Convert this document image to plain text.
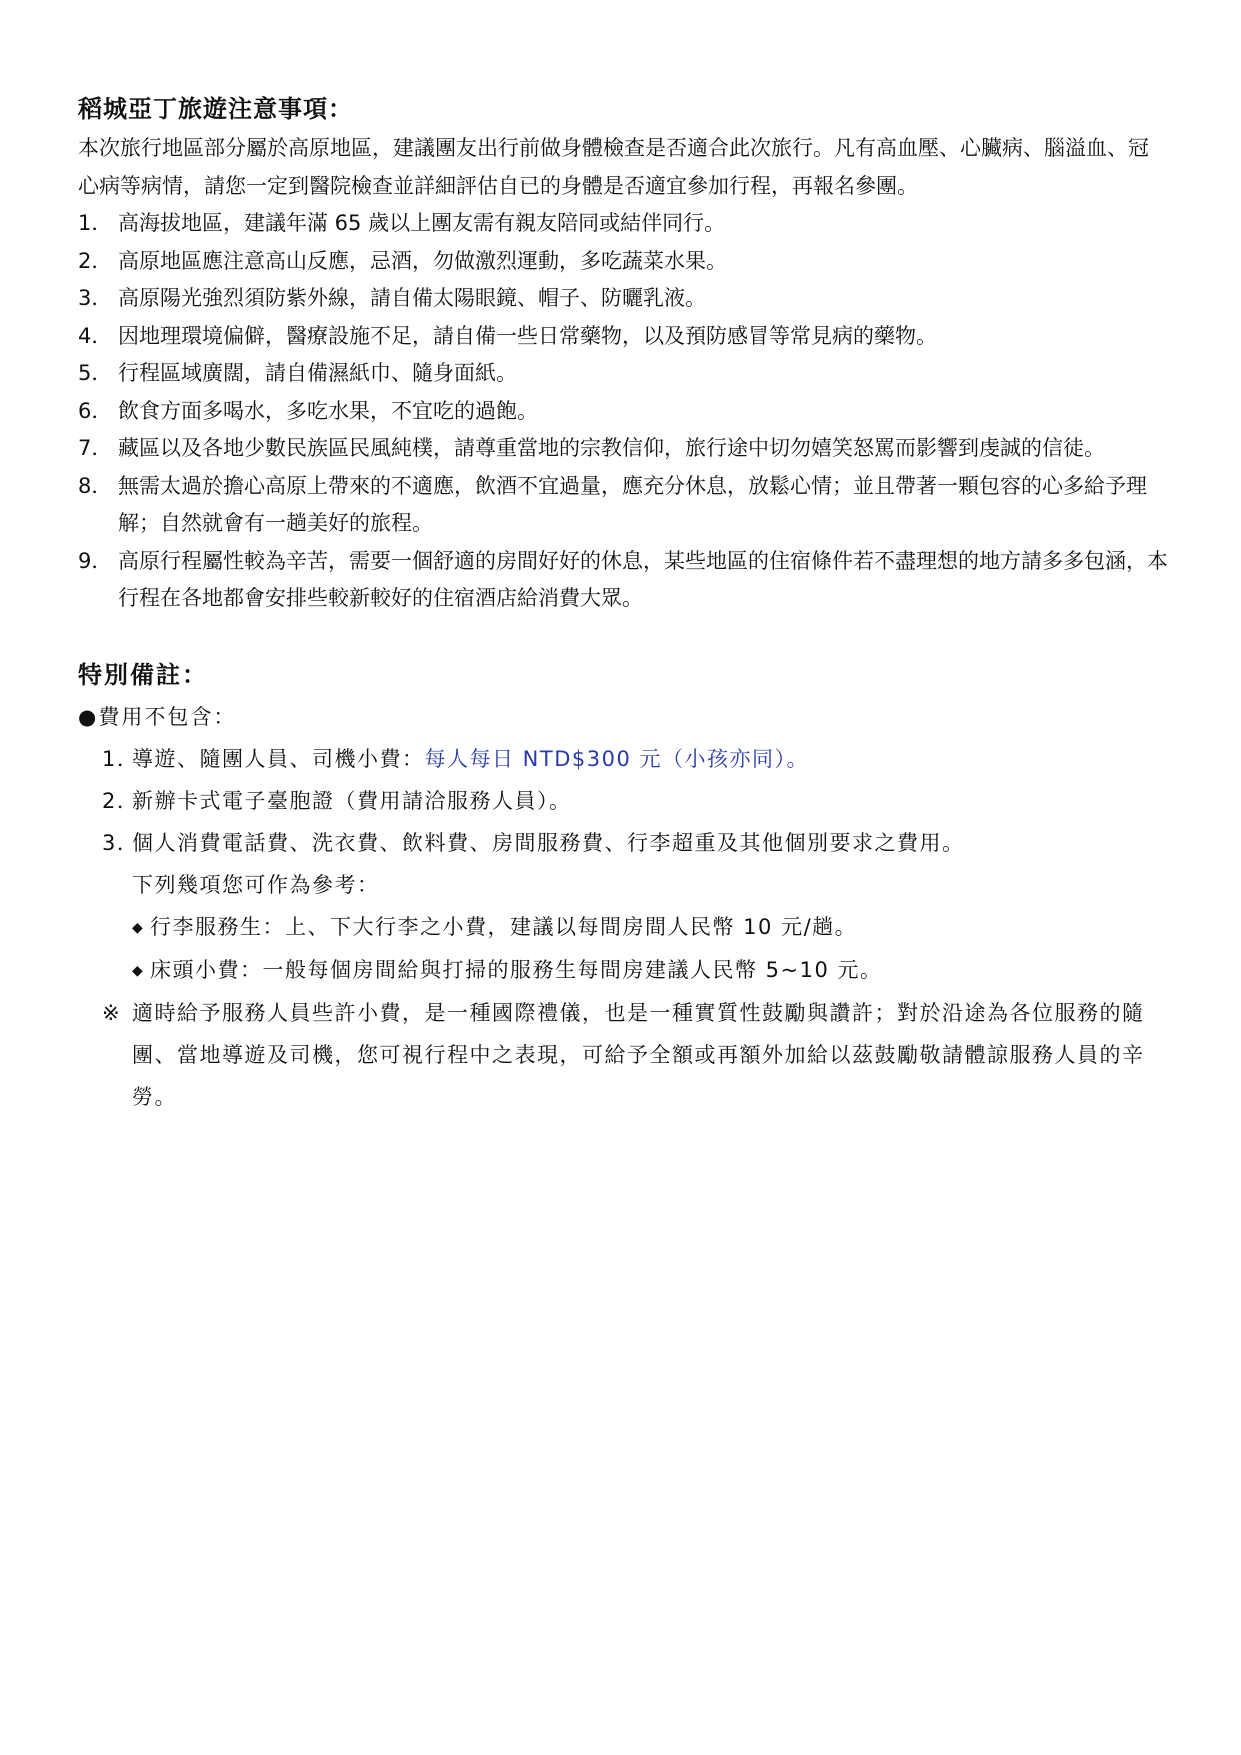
稻城亞丁旅遊注意事項：
本次旅行地區部分屬於高原地區，建議團友出行前做身體檢查是否適合此次旅行。凡有高血壓、心臟病、腦溢血、冠心病等病情，請您一定到醫院檢查並詳細評估自已的身體是否適宜參加行程，再報名參團。
1． 高海拔地區，建議年滿 65 歲以上團友需有親友陪同或結伴同行。
2． 高原地區應注意高山反應，忌酒，勿做激烈運動，多吃蔬菜水果。
3． 高原陽光強烈須防紫外線，請自備太陽眼鏡、帽子、防曬乳液。
4． 因地理環境偏僻，醫療設施不足，請自備一些日常藥物，以及預防感冒等常見病的藥物。
5． 行程區域廣闊，請自備濕紙巾、隨身面紙。
6． 飲食方面多喝水，多吃水果，不宜吃的過飽。
7． 藏區以及各地少數民族區民風純樸，請尊重當地的宗教信仰，旅行途中切勿嬉笑怒罵而影響到虔誠的信徒。
8． 無需太過於擔心高原上帶來的不適應，飲酒不宜過量，應充分休息，放鬆心情；並且帶著一顆包容的心多給予理解；自然就會有一趟美好的旅程。
9． 高原行程屬性較為辛苦，需要一個舒適的房間好好的休息，某些地區的住宿條件若不盡理想的地方請多多包涵，本行程在各地都會安排些較新較好的住宿酒店給消費大眾。
特別備註：
●費用不包含：
1．
導遊、隨團人員、司機小費：每人每日 NTD$300 元（小孩亦同）。
2．
新辦卡式電子臺胞證（費用請洽服務人員）。
3．
個人消費電話費、洗衣費、飲料費、房間服務費、行李超重及其他個別要求之費用。
下列幾項您可作為參考：
◆ 行李服務生：上、下大行李之小費，建議以每間房間人民幣 10 元/趟。
◆ 床頭小費：一般每個房間給與打掃的服務生每間房建議人民幣 5~10 元。
※ 適時給予服務人員些許小費，是一種國際禮儀，也是一種實質性鼓勵與讚許；對於沿途為各位服務的隨團、當地導遊及司機，您可視行程中之表現，可給予全額或再額外加給以茲鼓勵敬請體諒服務人員的辛勞。
